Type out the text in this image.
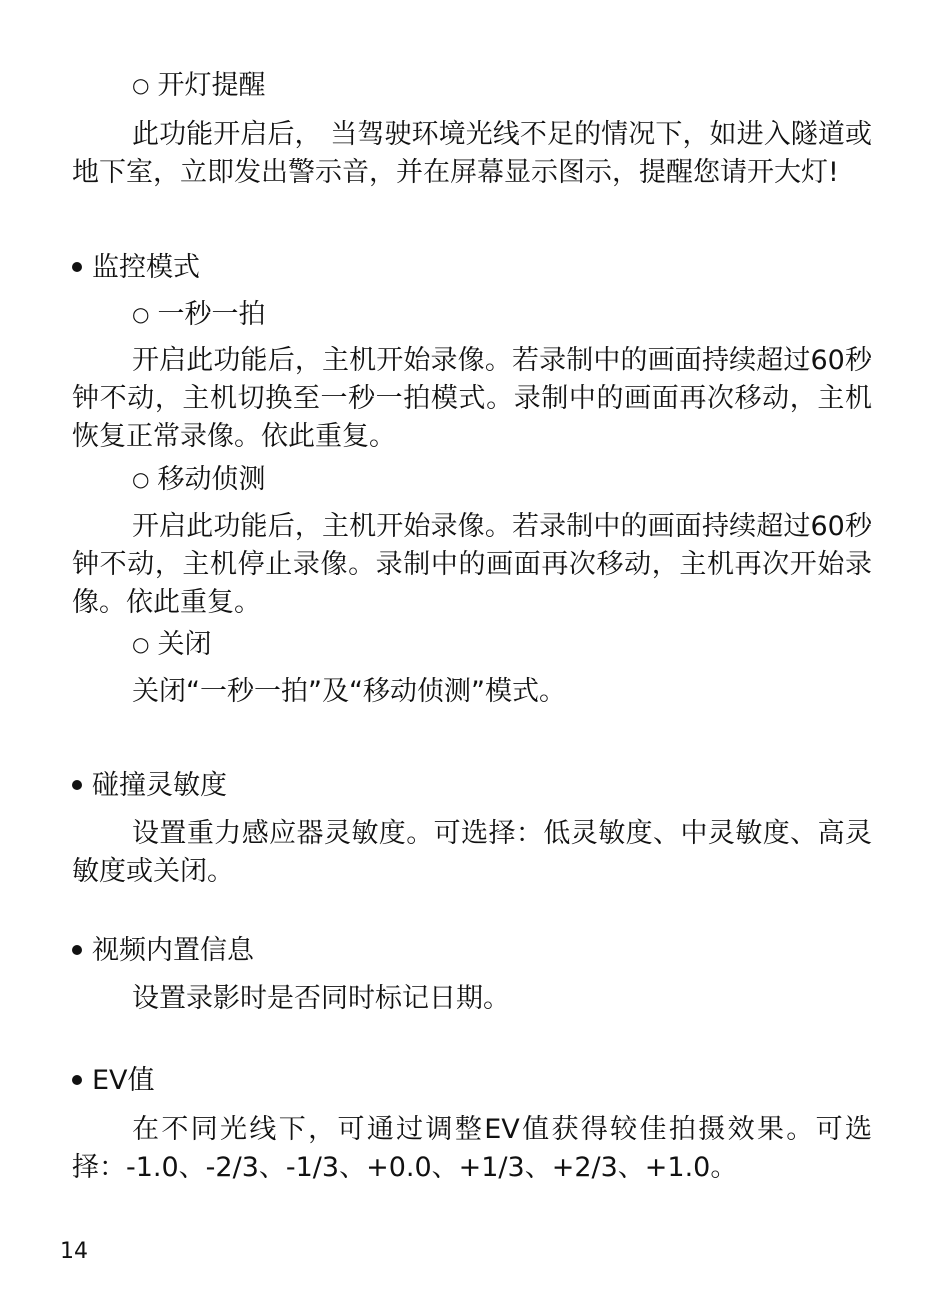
○ 开灯提醒
此功能开启后， 当驾驶环境光线不足的情况下，如进入隧道或地下室，立即发出警示音，并在屏幕显示图示，提醒您请开大灯!
监控模式
○ 一秒一拍
开启此功能后，主机开始录像。若录制中的画面持续超过60秒钟不动，主机切换至一秒一拍模式。录制中的画面再次移动，主机恢复正常录像。依此重复。
○ 移动侦测
开启此功能后，主机开始录像。若录制中的画面持续超过60秒钟不动，主机停止录像。录制中的画面再次移动，主机再次开始录像。依此重复。
○ 关闭
关闭“一秒一拍”及“移动侦测”模式。
碰撞灵敏度
设置重力感应器灵敏度。可选择：低灵敏度、中灵敏度、高灵敏度或关闭。
视频内置信息
设置录影时是否同时标记日期。
EV值
在不同光线下，可通过调整EV值获得较佳拍摄效果。可选择：-1.0、-2/3、-1/3、+0.0、+1/3、+2/3、+1.0。
14
